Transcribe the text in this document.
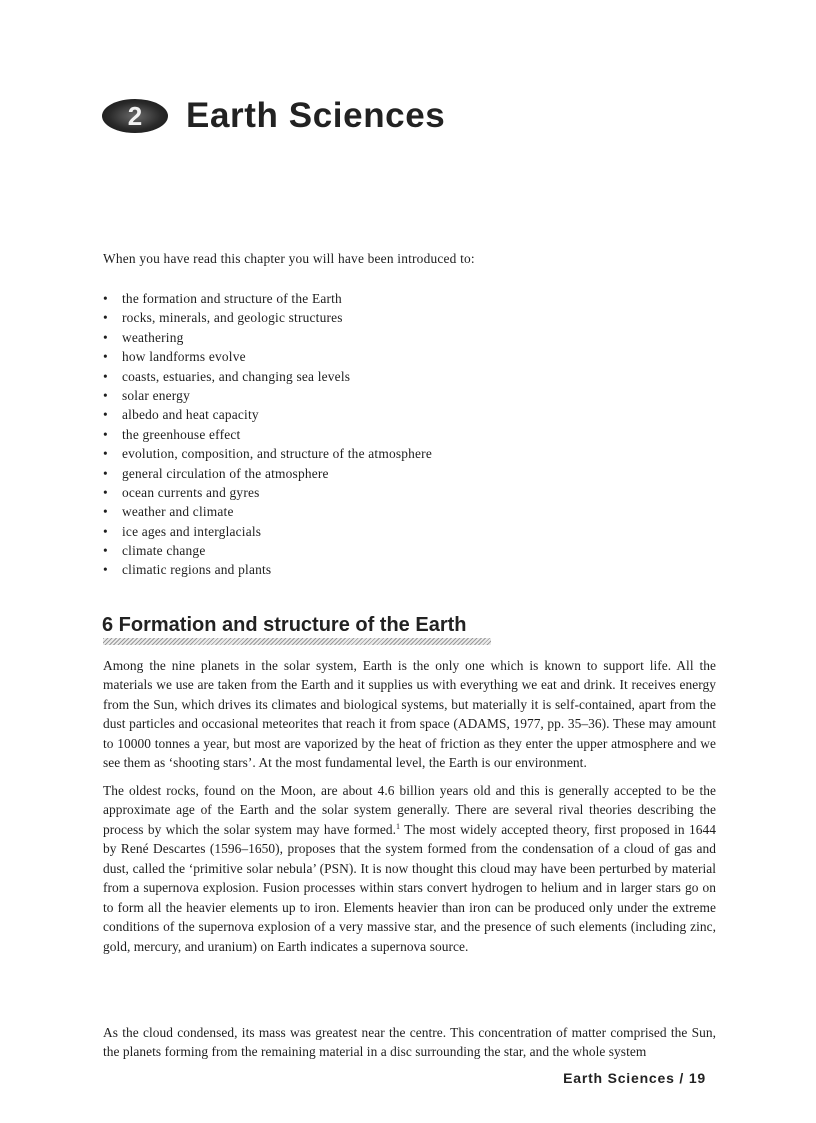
2	Earth Sciences

When you have read this chapter you will have been introduced to:

• the formation and structure of the Earth
• rocks, minerals, and geologic structures
• weathering
• how landforms evolve
• coasts, estuaries, and changing sea levels
• solar energy
• albedo and heat capacity
• the greenhouse effect
• evolution, composition, and structure of the atmosphere
• general circulation of the atmosphere
• ocean currents and gyres
• weather and climate
• ice ages and interglacials
• climate change
• climatic regions and plants
6 Formation and structure of the Earth

Among the nine planets in the solar system, Earth is the only one which is known to support life. All the materials we use are taken from the Earth and it supplies us with everything we eat and drink. It receives energy from the Sun, which drives its climates and biological systems, but materially it is self-contained, apart from the dust particles and occasional meteorites that reach it from space (ADAMS, 1977, pp. 35–36). These may amount to 10000 tonnes a year, but most are vaporized by the heat of friction as they enter the upper atmosphere and we see them as ‘shooting stars’. At the most fundamental level, the Earth is our environment.

The oldest rocks, found on the Moon, are about 4.6 billion years old and this is generally accepted to be the approximate age of the Earth and the solar system generally. There are several rival theories describing the process by which the solar system may have formed.$^1$ The most widely accepted theory, first proposed in 1644 by René Descartes (1596–1650), proposes that the system formed from the condensation of a cloud of gas and dust, called the ‘primitive solar nebula’ (PSN). It is now thought this cloud may have been perturbed by material from a supernova explosion. Fusion processes within stars convert hydrogen to helium and in larger stars go on to form all the heavier elements up to iron. Elements heavier than iron can be produced only under the extreme conditions of the supernova explosion of a very massive star, and the presence of such elements (including zinc, gold, mercury, and uranium) on Earth indicates a supernova source.

As the cloud condensed, its mass was greatest near the centre. This concentration of matter comprised the Sun, the planets forming from the remaining material in a disc surrounding the star, and the whole system

Earth Sciences / 19
